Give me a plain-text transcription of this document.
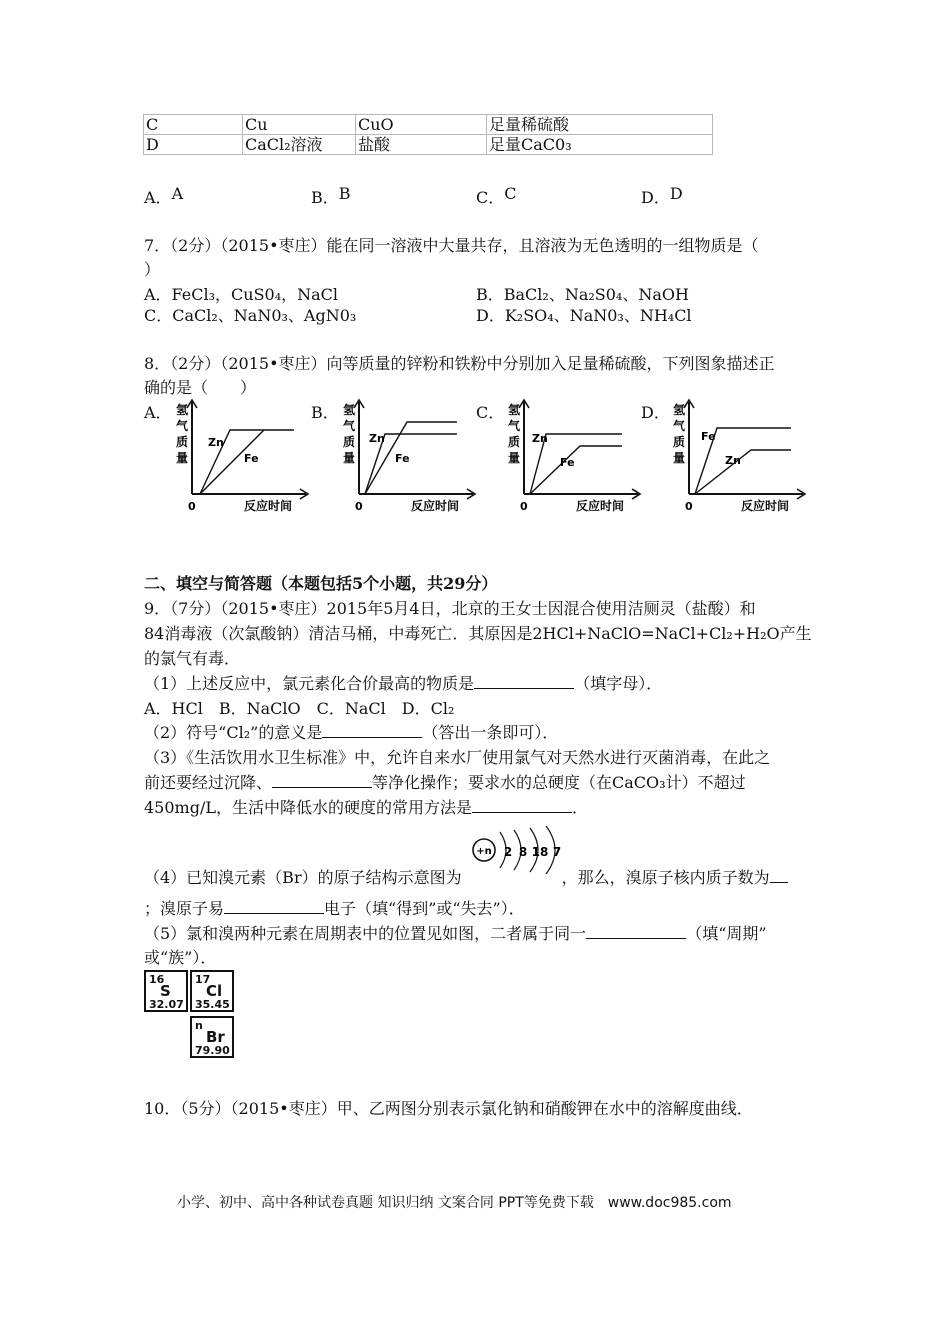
C	Cu	CuO	足量稀硫酸
D	CaCl₂溶液	盐酸	足量CaC0₃
A．A	B．B	C．C	D．D
7．（2分）（2015•枣庄）能在同一溶液中大量共存，且溶液为无色透明的一组物质是（
）
A．FeCl₃，CuS0₄，NaCl	B．BaCl₂、Na₂S0₄、NaOH
C．CaCl₂、NaN0₃、AgN0₃	D．K₂SO₄、NaN0₃、NH₄Cl
8．（2分）（2015•枣庄）向等质量的锌粉和铁粉中分别加入足量稀硫酸，下列图象描述正
确的是（　　）
A． 氢
气
质
量
0	反应时间
Zn
Fe
B． 氢
气
质
量
0	反应时间
Zn
Fe
C． 氢
气
质
量
0	反应时间
Zn
Fe
D． 氢
气
质
量
0	反应时间
Zn
Fe
二、填空与简答题（本题包括5个小题，共29分）
9．（7分）（2015•枣庄）2015年5月4日，北京的王女士因混合使用洁厕灵（盐酸）和
84消毒液（次氯酸钠）清洁马桶，中毒死亡．其原因是2HCl+NaClO=NaCl+Cl₂+H₂O产生
的氯气有毒．
（1）上述反应中，氯元素化合价最高的物质是	（填字母）．
A．HCl　B．NaClO　C．NaCl　D．Cl₂
（2）符号“Cl₂”的意义是	（答出一条即可）．
（3）《生活饮用水卫生标准》中，允许自来水厂使用氯气对天然水进行灭菌消毒，在此之
前还要经过沉降、	等净化操作；要求水的总硬度（在CaCO₃计）不超过
450mg/L，生活中降低水的硬度的常用方法是	．
+n 2 8 18 7
（4）已知溴元素（Br）的原子结构示意图为	，那么，溴原子核内质子数为
；溴原子易	电子（填“得到”或“失去”）．
（5）氯和溴两种元素在周期表中的位置见如图，二者属于同一	（填“周期”
或“族”）．
16
S
32.07
17
Cl
35.45
n
Br
79.90
10．（5分）（2015•枣庄）甲、乙两图分别表示氯化钠和硝酸钾在水中的溶解度曲线．
小学、初中、高中各种试卷真题 知识归纳 文案合同 PPT等免费下载　www.doc985.com
